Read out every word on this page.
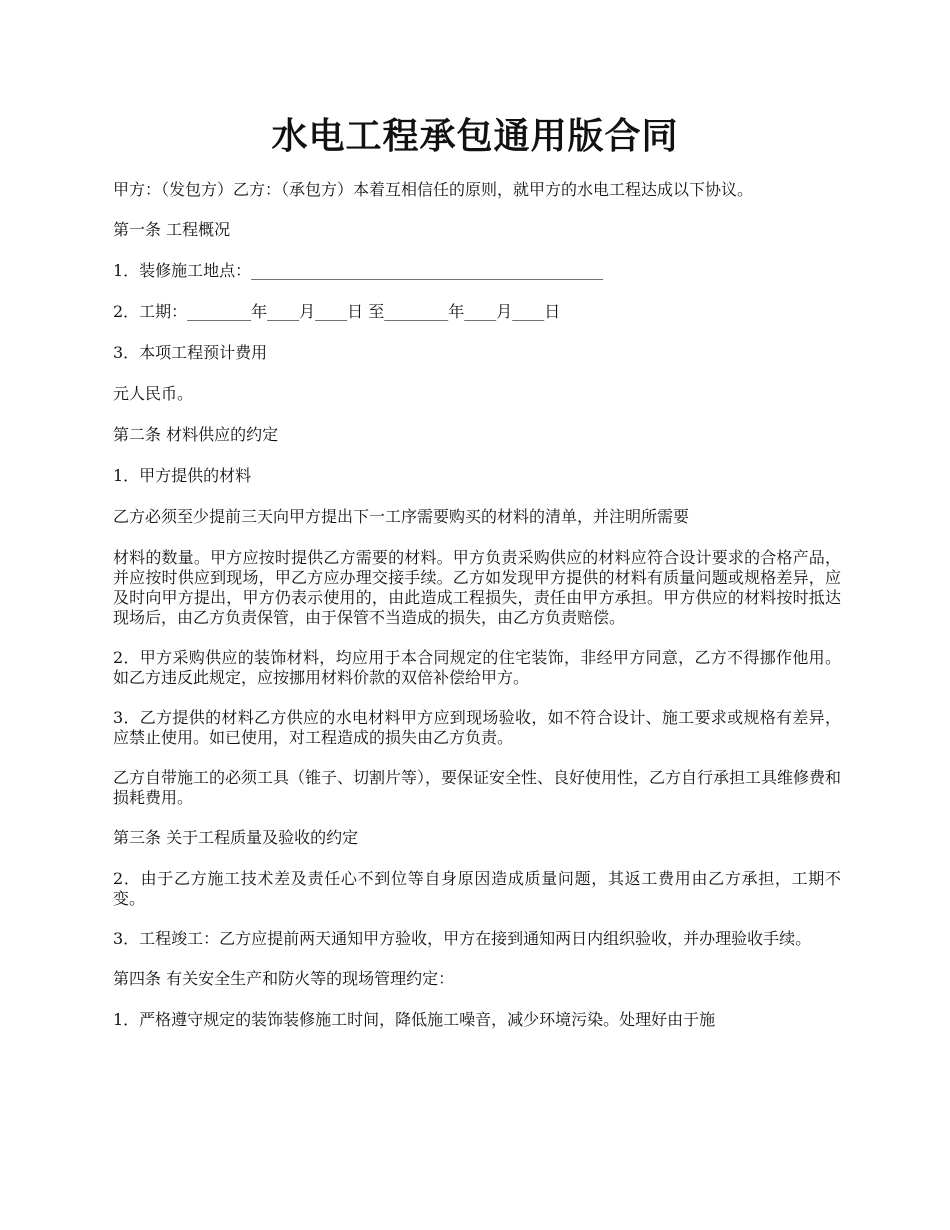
水电工程承包通用版合同

甲方：（发包方）乙方：（承包方）本着互相信任的原则，就甲方的水电工程达成以下协议。

第一条 工程概况

1．装修施工地点：____________________________________________

2．工期：________年____月____日 至________年____月____日

3．本项工程预计费用

元人民币。

第二条 材料供应的约定

1．甲方提供的材料

乙方必须至少提前三天向甲方提出下一工序需要购买的材料的清单，并注明所需要

材料的数量。甲方应按时提供乙方需要的材料。甲方负责采购供应的材料应符合设计要求的合格产品，并应按时供应到现场，甲乙方应办理交接手续。乙方如发现甲方提供的材料有质量问题或规格差异，应及时向甲方提出，甲方仍表示使用的，由此造成工程损失，责任由甲方承担。甲方供应的材料按时抵达现场后，由乙方负责保管，由于保管不当造成的损失，由乙方负责赔偿。

2．甲方采购供应的装饰材料，均应用于本合同规定的住宅装饰，非经甲方同意，乙方不得挪作他用。如乙方违反此规定，应按挪用材料价款的双倍补偿给甲方。

3．乙方提供的材料乙方供应的水电材料甲方应到现场验收，如不符合设计、施工要求或规格有差异，应禁止使用。如已使用，对工程造成的损失由乙方负责。

乙方自带施工的必须工具（锥子、切割片等），要保证安全性、良好使用性，乙方自行承担工具维修费和损耗费用。

第三条 关于工程质量及验收的约定

2．由于乙方施工技术差及责任心不到位等自身原因造成质量问题，其返工费用由乙方承担，工期不变。

3．工程竣工：乙方应提前两天通知甲方验收，甲方在接到通知两日内组织验收，并办理验收手续。

第四条 有关安全生产和防火等的现场管理约定：

1．严格遵守规定的装饰装修施工时间，降低施工噪音，减少环境污染。处理好由于施
